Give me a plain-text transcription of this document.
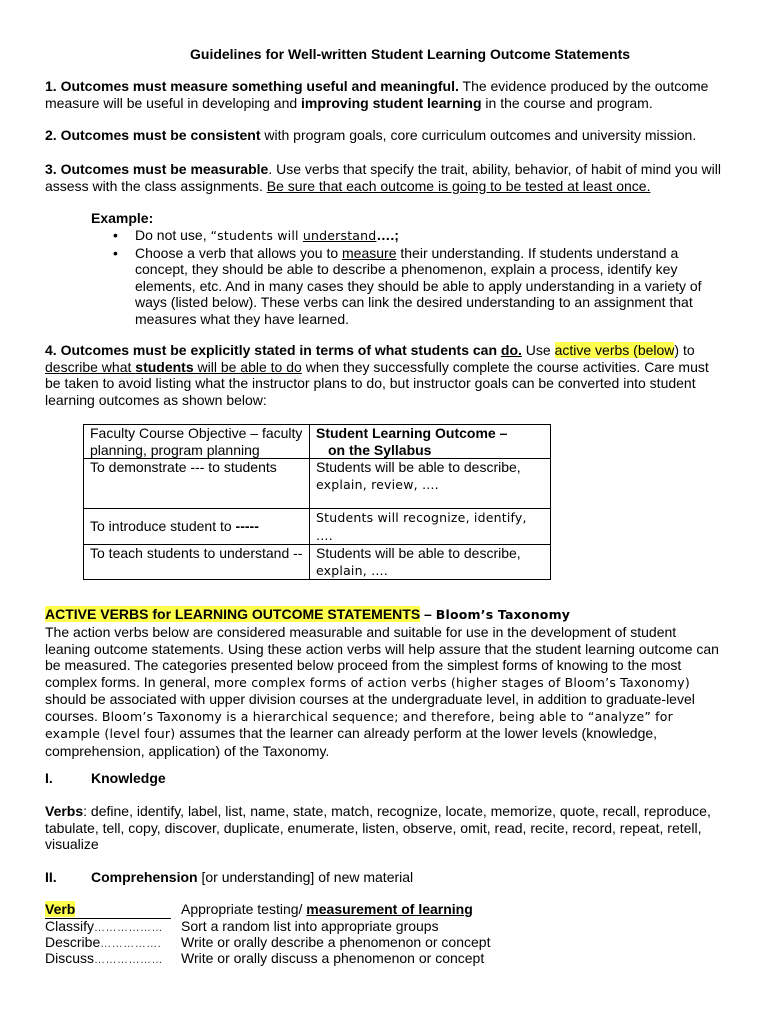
Guidelines for Well-written Student Learning Outcome Statements
1. Outcomes must measure something useful and meaningful. The evidence produced by the outcome measure will be useful in developing and improving student learning in the course and program.
2. Outcomes must be consistent with program goals, core curriculum outcomes and university mission.
3. Outcomes must be measurable. Use verbs that specify the trait, ability, behavior, of habit of mind you will assess with the class assignments. Be sure that each outcome is going to be tested at least once.
Example:
• Do not use, “students will understand….;
• Choose a verb that allows you to measure their understanding. If students understand a concept, they should be able to describe a phenomenon, explain a process, identify key elements, etc. And in many cases they should be able to apply understanding in a variety of ways (listed below). These verbs can link the desired understanding to an assignment that measures what they have learned.
4. Outcomes must be explicitly stated in terms of what students can do. Use active verbs (below) to describe what students will be able to do when they successfully complete the course activities. Care must be taken to avoid listing what the instructor plans to do, but instructor goals can be converted into student learning outcomes as shown below:
Faculty Course Objective – faculty planning, program planning	Student Learning Outcome –
on the Syllabus
To demonstrate --- to students	Students will be able to describe,
explain, review, ….
To introduce student to -----	Students will recognize, identify, ….
To teach students to understand --	Students will be able to describe,
explain, ….
ACTIVE VERBS for LEARNING OUTCOME STATEMENTS – Bloom’s Taxonomy
The action verbs below are considered measurable and suitable for use in the development of student leaning outcome statements. Using these action verbs will help assure that the student learning outcome can be measured. The categories presented below proceed from the simplest forms of knowing to the most complex forms. In general, more complex forms of action verbs (higher stages of Bloom’s Taxonomy) should be associated with upper division courses at the undergraduate level, in addition to graduate-level courses. Bloom’s Taxonomy is a hierarchical sequence; and therefore, being able to “analyze” for example (level four) assumes that the learner can already perform at the lower levels (knowledge, comprehension, application) of the Taxonomy.
I.	Knowledge
Verbs: define, identify, label, list, name, state, match, recognize, locate, memorize, quote, recall, reproduce, tabulate, tell, copy, discover, duplicate, enumerate, listen, observe, omit, read, recite, record, repeat, retell, visualize
II. Comprehension [or understanding] of new material
Verb	Appropriate testing/ measurement of learning
Classify………………	Sort a random list into appropriate groups
Describe…………….	Write or orally describe a phenomenon or concept
Discuss………………	Write or orally discuss a phenomenon or concept
